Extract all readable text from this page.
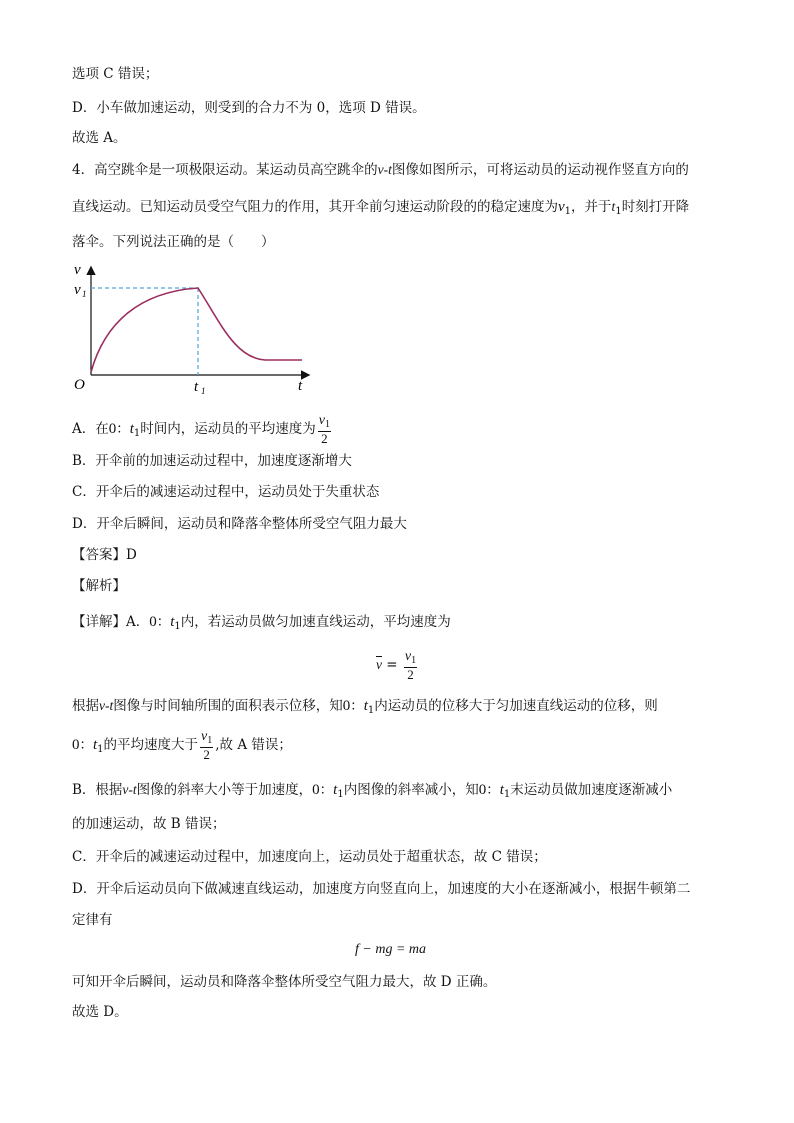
选项 C 错误；
D．小车做加速运动，则受到的合力不为 0，选项 D 错误。
故选 A。
4．高空跳伞是一项极限运动。某运动员高空跳伞的v-t图像如图所示，可将运动员的运动视作竖直方向的
直线运动。已知运动员受空气阻力的作用，其开伞前匀速运动阶段的的稳定速度为$v_1$，并于$t_1$时刻打开降
落伞。下列说法正确的是（　　）
v
v 1
O	t 1	t
A．在0：$t_1$时间内，运动员的平均速度为 $\frac{v_1}{2}$
B．开伞前的加速运动过程中，加速度逐渐增大
C．开伞后的减速运动过程中，运动员处于失重状态
D．开伞后瞬间，运动员和降落伞整体所受空气阻力最大
【答案】D
【解析】
【详解】A．0：$t_1$内，若运动员做匀加速直线运动，平均速度为
$\overline{v} = \frac{v_1}{2}$
根据v-t图像与时间轴所围的面积表示位移，知0：$t_1$内运动员的位移大于匀加速直线运动的位移，则
0：$t_1$的平均速度大于 $\frac{v_1}{2}$ ,故 A 错误；
B．根据v-t图像的斜率大小等于加速度，0：$t_1$内图像的斜率减小，知0：$t_1$末运动员做加速度逐渐减小
的加速运动，故 B 错误；
C．开伞后的减速运动过程中，加速度向上，运动员处于超重状态，故 C 错误；
D．开伞后运动员向下做减速直线运动，加速度方向竖直向上，加速度的大小在逐渐减小，根据牛顿第二
定律有
f − mg = ma
可知开伞后瞬间，运动员和降落伞整体所受空气阻力最大，故 D 正确。
故选 D。
